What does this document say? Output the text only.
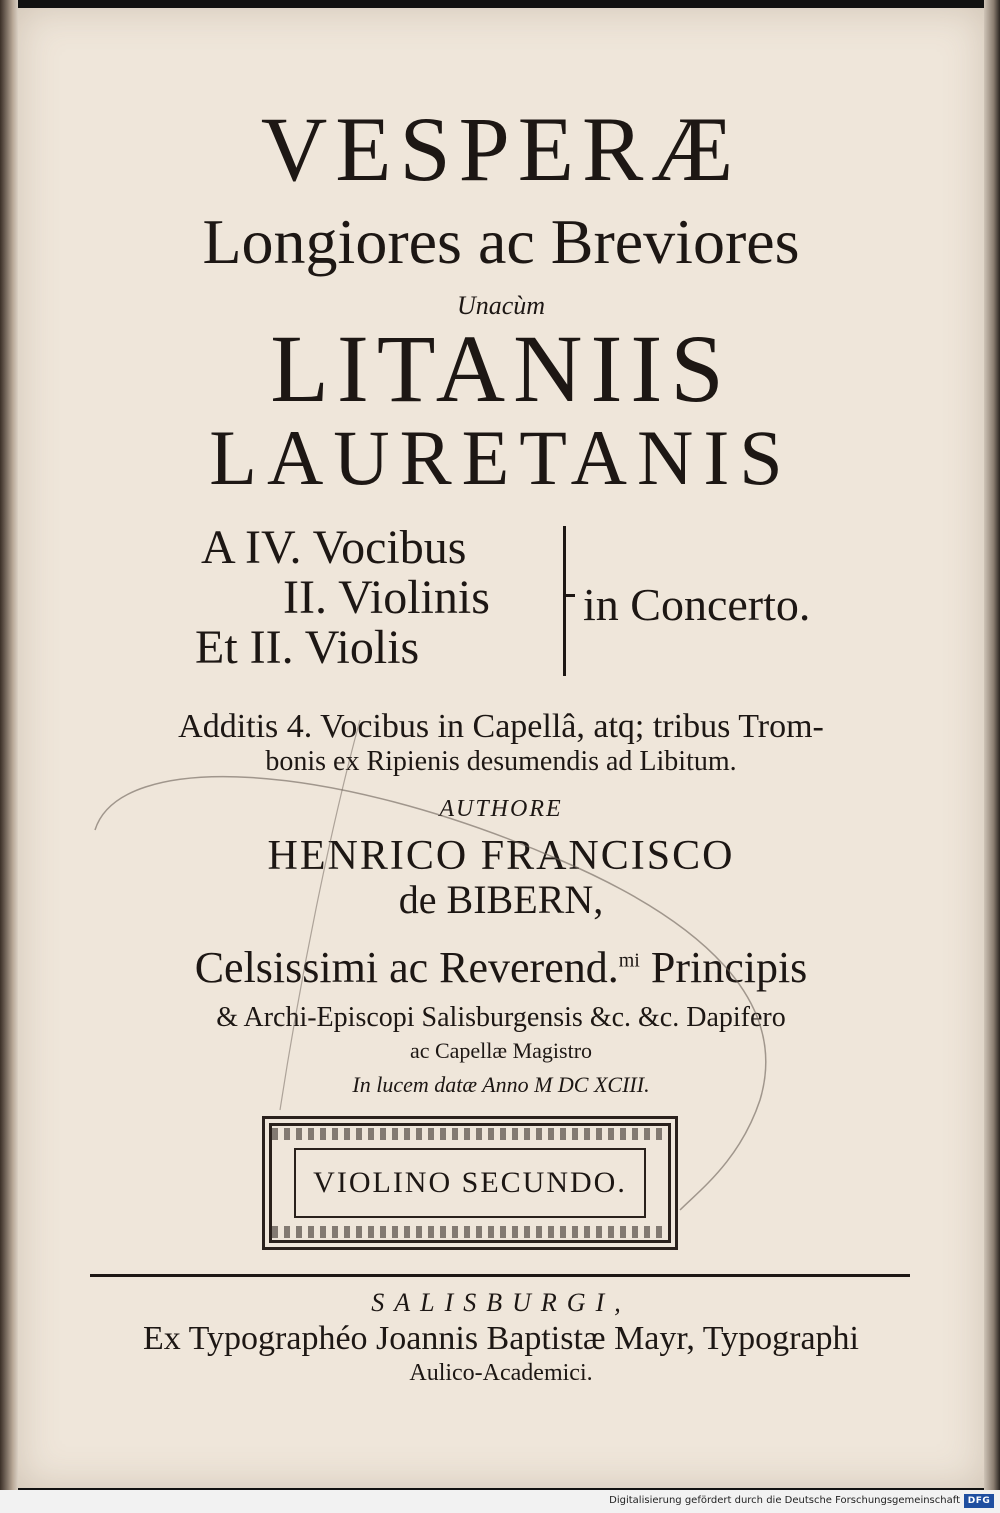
VESPERÆ
Longiores ac Breviores
Unacùm
LITANIIS
LAURETANIS
A IV. Vocibus
II. Violinis
Et II. Violis
in Concerto.
Additis 4. Vocibus in Capellâ, atq; tribus Trom-
bonis ex Ripienis desumendis ad Libitum.
AUTHORE
HENRICO FRANCISCO
de BIBERN,
Celsissimi ac Reverend.$^{mi}$ Principis
& Archi-Episcopi Salisburgensis &c. &c. Dapifero
ac Capellæ Magistro
In lucem datæ Anno M DC XCIII.
VIOLINO SECUNDO.
SALISBURGI,
Ex Typographéo Joannis Baptistæ Mayr, Typographi
Aulico-Academici.
Digitalisierung gefördert durch die Deutsche Forschungsgemeinschaft DFG
